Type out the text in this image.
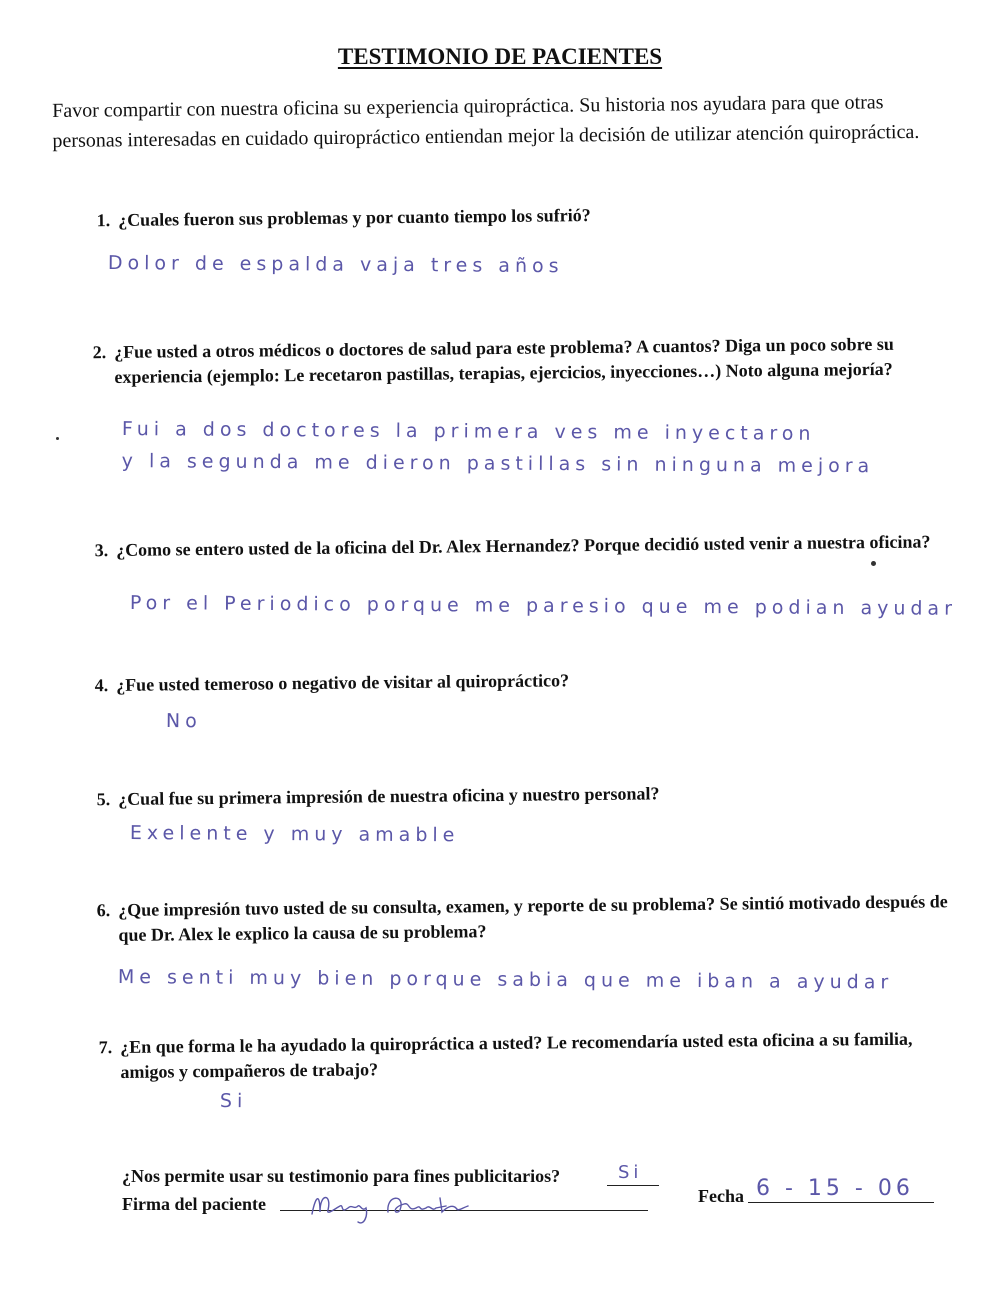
TESTIMONIO DE PACIENTES
Favor compartir con nuestra oficina su experiencia quiropráctica. Su historia nos ayudara para que otras personas interesadas en cuidado quiropráctico entiendan mejor la decisión de utilizar atención quiropráctica.
1. ¿Cuales fueron sus problemas y por cuanto tiempo los sufrió?
Dolor de espalda vaja tres años
2. ¿Fue usted a otros médicos o doctores de salud para este problema? A cuantos? Diga un poco sobre su experiencia (ejemplo: Le recetaron pastillas, terapias, ejercicios, inyecciones…) Noto alguna mejoría?
Fui a dos doctores la primera ves me inyectaron
y la segunda me dieron pastillas sin ninguna mejora
3. ¿Como se entero usted de la oficina del Dr. Alex Hernandez? Porque decidió usted venir a nuestra oficina?
Por el Periodico porque me paresio que me podian ayudar
4. ¿Fue usted temeroso o negativo de visitar al quiropráctico?
No
5. ¿Cual fue su primera impresión de nuestra oficina y nuestro personal?
Exelente y muy amable
6. ¿Que impresión tuvo usted de su consulta, examen, y reporte de su problema? Se sintió motivado después de que Dr. Alex le explico la causa de su problema?
Me senti muy bien porque sabia que me iban a ayudar
7. ¿En que forma le ha ayudado la quiropráctica a usted? Le recomendaría usted esta oficina a su familia, amigos y compañeros de trabajo?
Si
¿Nos permite usar su testimonio para fines publicitarios?	Si
Firma del paciente	Fecha 6 - 15 - 06
